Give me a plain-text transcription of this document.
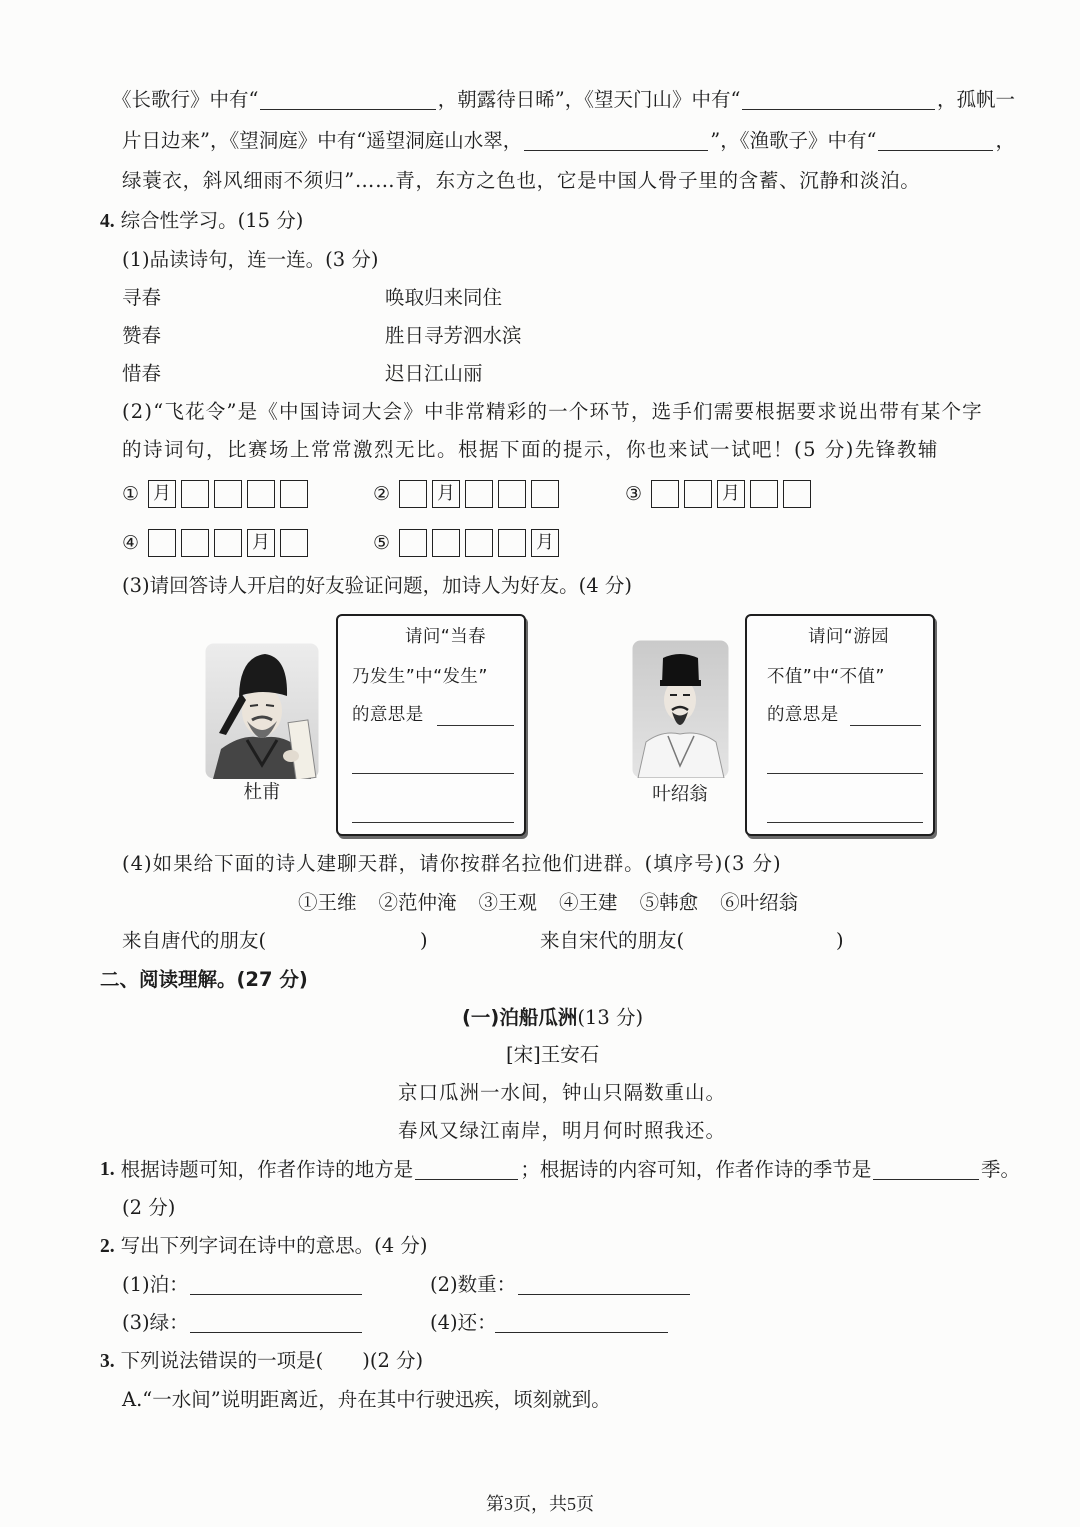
《长歌行》中有“	，朝露待日晞”，《望天门山》中有“	，孤帆一
片日边来”，《望洞庭》中有“遥望洞庭山水翠，	”，《渔歌子》中有“	，
绿蓑衣，斜风细雨不须归”……青，东方之色也，它是中国人骨子里的含蓄、沉静和淡泊。
4. 综合性学习。(15 分)
(1)品读诗句，连一连。(3 分)
寻春	唤取归来同住
赞春	胜日寻芳泗水滨
惜春	迟日江山丽
(2)“飞花令”是《中国诗词大会》中非常精彩的一个环节，选手们需要根据要求说出带有某个字
的诗词句，比赛场上常常激烈无比。根据下面的提示，你也来试一试吧！(5 分)先锋教辅
① 月	②	月	③	月
④	月	⑤	月
(3)请回答诗人开启的好友验证问题，加诗人为好友。(4 分)
杜甫
请问“当春
乃发生”中“发生”
的意思是
叶绍翁
请问“游园
不值”中“不值”
的意思是
(4)如果给下面的诗人建聊天群，请你按群名拉他们进群。(填序号)(3 分)
①王维 ②范仲淹 ③王观 ④王建 ⑤韩愈 ⑥叶绍翁
来自唐代的朋友(	)	来自宋代的朋友(	)
二、阅读理解。(27 分)
(一)泊船瓜洲(13 分)
[宋]王安石
京口瓜洲一水间，钟山只隔数重山。
春风又绿江南岸，明月何时照我还。
1. 根据诗题可知，作者作诗的地方是	；根据诗的内容可知，作者作诗的季节是	季。
(2 分)
2. 写出下列字词在诗中的意思。(4 分)
(1)泊：	(2)数重：
(3)绿：	(4)还：
3. 下列说法错误的一项是(　　)(2 分)
A.“一水间”说明距离近，舟在其中行驶迅疾，顷刻就到。
第3页，共5页
